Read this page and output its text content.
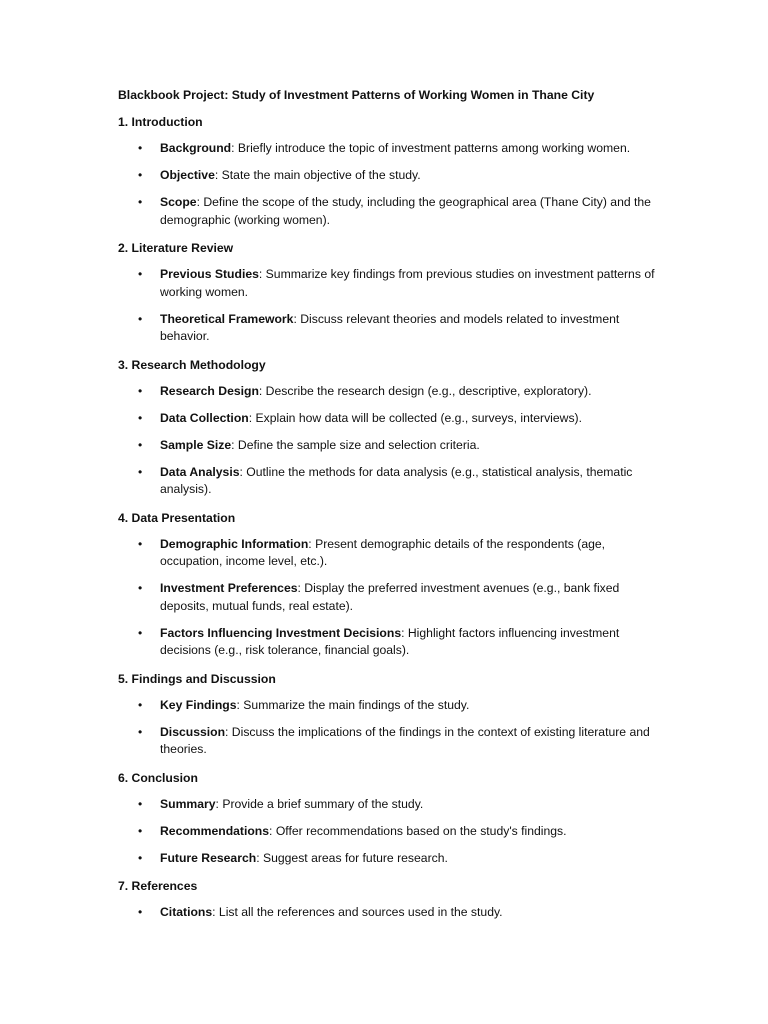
Blackbook Project: Study of Investment Patterns of Working Women in Thane City
1. Introduction
• Background: Briefly introduce the topic of investment patterns among working women.
• Objective: State the main objective of the study.
• Scope: Define the scope of the study, including the geographical area (Thane City) and the demographic (working women).
2. Literature Review
• Previous Studies: Summarize key findings from previous studies on investment patterns of working women.
• Theoretical Framework: Discuss relevant theories and models related to investment behavior.
3. Research Methodology
• Research Design: Describe the research design (e.g., descriptive, exploratory).
• Data Collection: Explain how data will be collected (e.g., surveys, interviews).
• Sample Size: Define the sample size and selection criteria.
• Data Analysis: Outline the methods for data analysis (e.g., statistical analysis, thematic analysis).
4. Data Presentation
• Demographic Information: Present demographic details of the respondents (age, occupation, income level, etc.).
• Investment Preferences: Display the preferred investment avenues (e.g., bank fixed deposits, mutual funds, real estate).
• Factors Influencing Investment Decisions: Highlight factors influencing investment decisions (e.g., risk tolerance, financial goals).
5. Findings and Discussion
• Key Findings: Summarize the main findings of the study.
• Discussion: Discuss the implications of the findings in the context of existing literature and theories.
6. Conclusion
• Summary: Provide a brief summary of the study.
• Recommendations: Offer recommendations based on the study's findings.
• Future Research: Suggest areas for future research.
7. References
• Citations: List all the references and sources used in the study.
